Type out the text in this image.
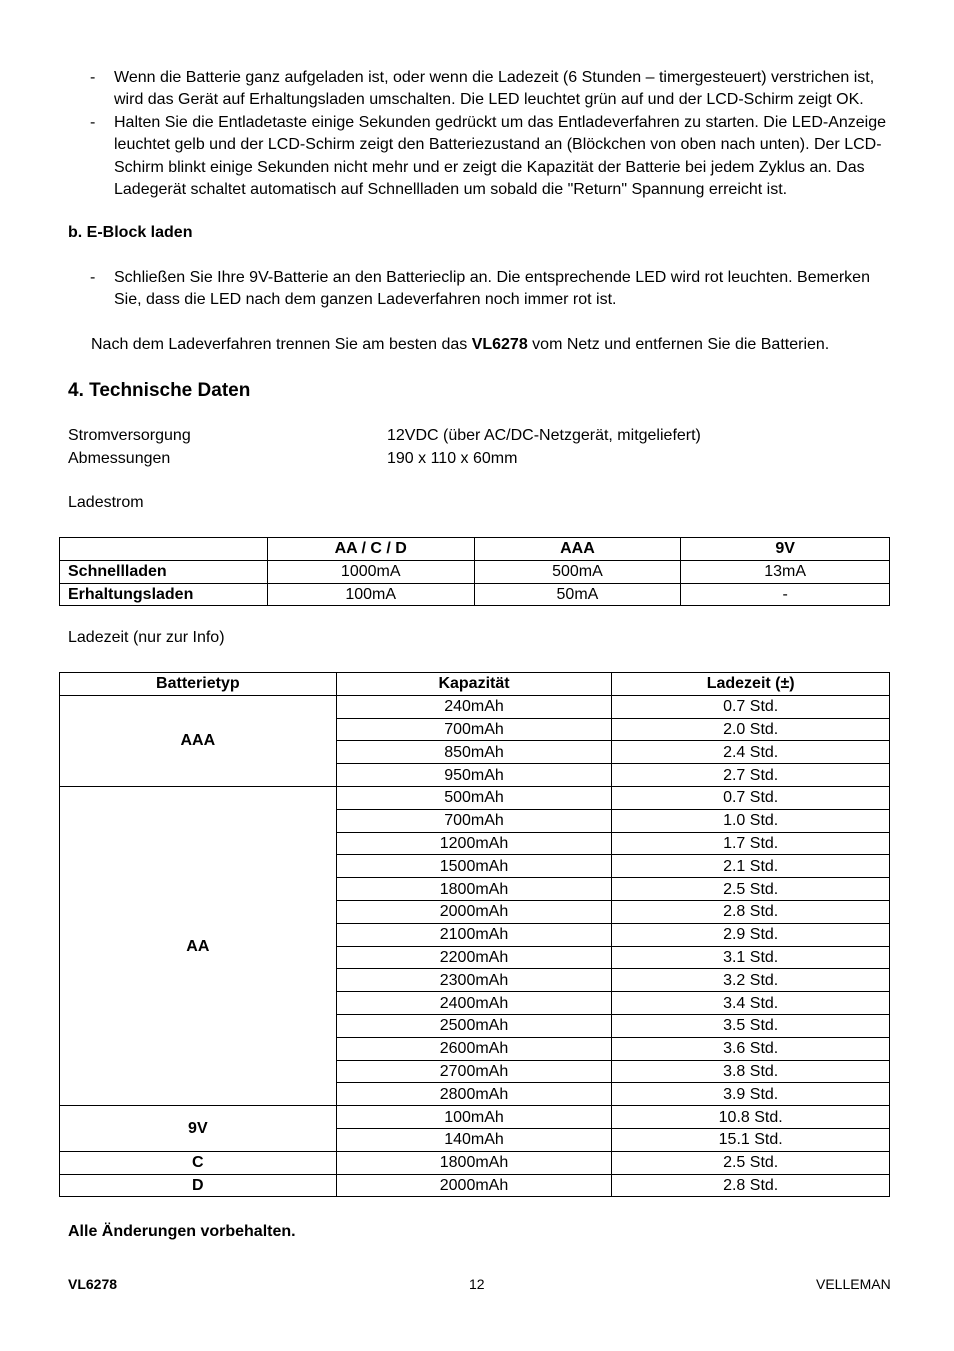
- Wenn die Batterie ganz aufgeladen ist, oder wenn die Ladezeit (6 Stunden – timergesteuert) verstrichen ist, wird das Gerät auf Erhaltungsladen umschalten. Die LED leuchtet grün auf und der LCD-Schirm zeigt OK.
- Halten Sie die Entladetaste einige Sekunden gedrückt um das Entladeverfahren zu starten. Die LED-Anzeige leuchtet gelb und der LCD-Schirm zeigt den Batteriezustand an (Blöckchen von oben nach unten). Der LCD-Schirm blinkt einige Sekunden nicht mehr und er zeigt die Kapazität der Batterie bei jedem Zyklus an. Das Ladegerät schaltet automatisch auf Schnellladen um sobald die "Return" Spannung erreicht ist.
b. E-Block laden
- Schließen Sie Ihre 9V-Batterie an den Batterieclip an. Die entsprechende LED wird rot leuchten. Bemerken Sie, dass die LED nach dem ganzen Ladeverfahren noch immer rot ist.
Nach dem Ladeverfahren trennen Sie am besten das VL6278 vom Netz und entfernen Sie die Batterien.
4. Technische Daten
Stromversorgung	12VDC (über AC/DC-Netzgerät, mitgeliefert)
Abmessungen	190 x 110 x 60mm
Ladestrom
	AA / C / D	AAA	9V
Schnellladen	1000mA	500mA	13mA
Erhaltungsladen	100mA	50mA	-
Ladezeit (nur zur Info)
Batterietyp	Kapazität	Ladezeit (±)
AAA	240mAh	0.7 Std.
	700mAh	2.0 Std.
	850mAh	2.4 Std.
	950mAh	2.7 Std.
AA	500mAh	0.7 Std.
	700mAh	1.0 Std.
	1200mAh	1.7 Std.
	1500mAh	2.1 Std.
	1800mAh	2.5 Std.
	2000mAh	2.8 Std.
	2100mAh	2.9 Std.
	2200mAh	3.1 Std.
	2300mAh	3.2 Std.
	2400mAh	3.4 Std.
	2500mAh	3.5 Std.
	2600mAh	3.6 Std.
	2700mAh	3.8 Std.
	2800mAh	3.9 Std.
9V	100mAh	10.8 Std.
	140mAh	15.1 Std.
C	1800mAh	2.5 Std.
D	2000mAh	2.8 Std.
Alle Änderungen vorbehalten.
VL6278	12	VELLEMAN
